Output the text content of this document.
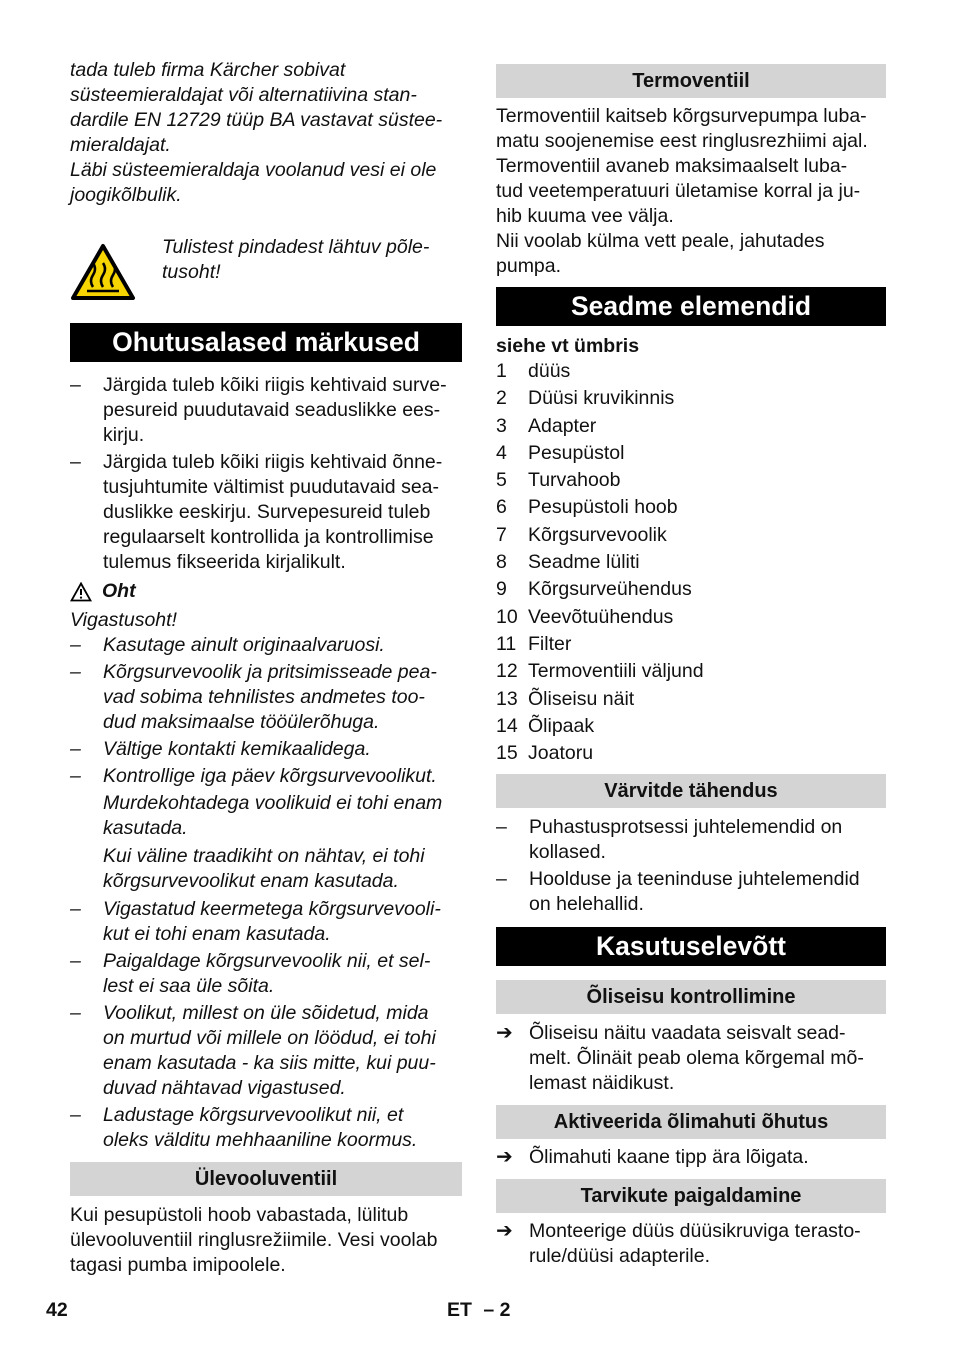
tada tuleb firma Kärcher sobivat
süsteemieraldajat või alternatiivina stan-
dardile EN 12729 tüüp BA vastavat süstee-
mieraldajat.
Läbi süsteemieraldaja voolanud vesi ei ole
joogikõlbulik.
Tulistest pindadest lähtuv põle-
tusoht!
Ohutusalased märkused
–	Järgida tuleb kõiki riigis kehtivaid surve-
pesureid puudutavaid seaduslikke ees-
kirju.
–	Järgida tuleb kõiki riigis kehtivaid õnne-
tusjuhtumite vältimist puudutavaid sea-
duslikke eeskirju. Survepesureid tuleb
regulaarselt kontrollida ja kontrollimise
tulemus fikseerida kirjalikult.
Oht
Vigastusoht!
–	Kasutage ainult originaalvaruosi.
–	Kõrgsurvevoolik ja pritsimisseade pea-
vad sobima tehnilistes andmetes too-
dud maksimaalse tööülerõhuga.
–	Vältige kontakti kemikaalidega.
–	Kontrollige iga päev kõrgsurvevoolikut.
Murdekohtadega voolikuid ei tohi enam
kasutada.
Kui väline traadikiht on nähtav, ei tohi
kõrgsurvevoolikut enam kasutada.
–	Vigastatud keermetega kõrgsurvevooli-
kut ei tohi enam kasutada.
–	Paigaldage kõrgsurvevoolik nii, et sel-
lest ei saa üle sõita.
–	Voolikut, millest on üle sõidetud, mida
on murtud või millele on löödud, ei tohi
enam kasutada - ka siis mitte, kui puu-
duvad nähtavad vigastused.
–	Ladustage kõrgsurvevoolikut nii, et
oleks välditu mehhaaniline koormus.
Ülevooluventiil
Kui pesupüstoli hoob vabastada, lülitub
ülevooluventiil ringlusrežiimile. Vesi voolab
tagasi pumba imipoolele.
Termoventiil
Termoventiil kaitseb kõrgsurvepumpa luba-
matu soojenemise eest ringlusrezhiimi ajal.
Termoventiil avaneb maksimaalselt luba-
tud veetemperatuuri ületamise korral ja ju-
hib kuuma vee välja.
Nii voolab külma vett peale, jahutades
pumpa.
Seadme elemendid
siehe vt ümbris
1	düüs
2	Düüsi kruvikinnis
3	Adapter
4	Pesupüstol
5	Turvahoob
6	Pesupüstoli hoob
7	Kõrgsurvevoolik
8	Seadme lüliti
9	Kõrgsurveühendus
10 Veevõtuühendus
11 Filter
12 Termoventiili väljund
13 Õliseisu näit
14 Õlipaak
15 Joatoru
Värvitde tähendus
–	Puhastusprotsessi juhtelemendid on
kollased.
–	Hoolduse ja teeninduse juhtelemendid
on helehallid.
Kasutuselevõtt
Õliseisu kontrollimine
➔ Õliseisu näitu vaadata seisvalt sead-
melt. Õlinäit peab olema kõrgemal mõ-
lemast näidikust.
Aktiveerida õlimahuti õhutus
➔ Õlimahuti kaane tipp ära lõigata.
Tarvikute paigaldamine
➔ Monteerige düüs düüsikruviga terasto-
rule/düüsi adapterile.
42	ET – 2
